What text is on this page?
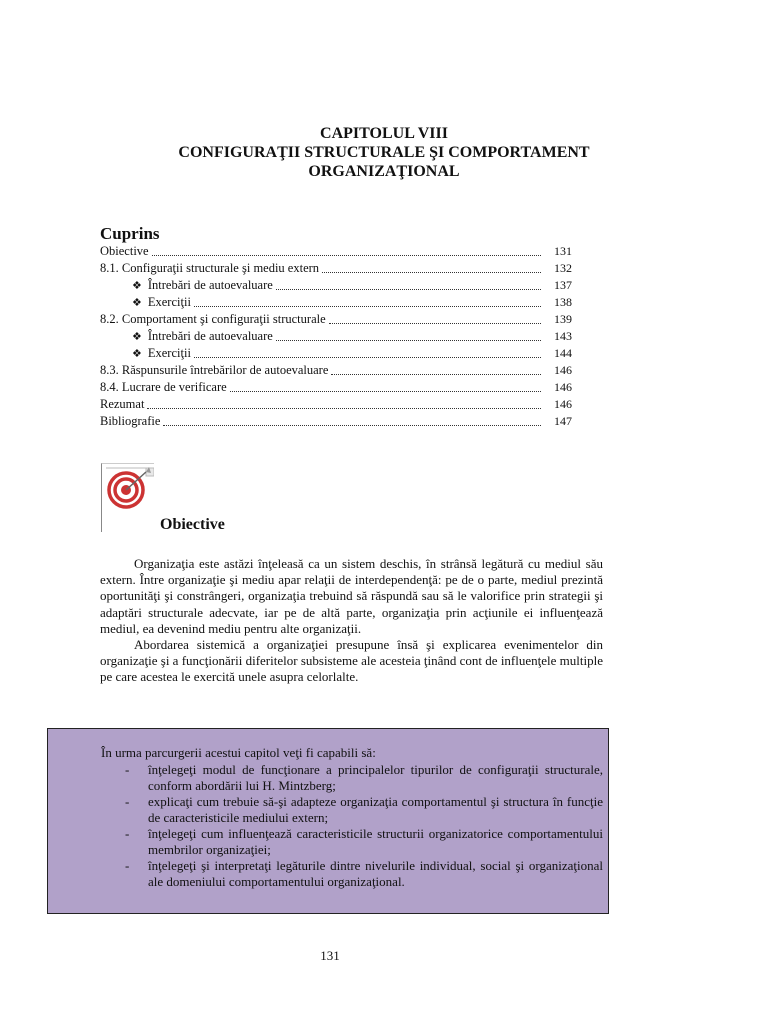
CAPITOLUL VIII
CONFIGURAŢII STRUCTURALE ŞI COMPORTAMENT
ORGANIZAŢIONAL
Cuprins
Obiective	131
8.1. Configuraţii structurale şi mediu extern	132
❖ Întrebări de autoevaluare	137
❖ Exerciţii	138
8.2. Comportament şi configuraţii structurale	139
❖ Întrebări de autoevaluare	143
❖ Exerciţii	144
8.3. Răspunsurile întrebărilor de autoevaluare	146
8.4. Lucrare de verificare	146
Rezumat	146
Bibliografie	147
Obiective

Organizaţia este astăzi înţeleasă ca un sistem deschis, în strânsă legătură cu mediul său extern. Între organizaţie şi mediu apar relaţii de interdependenţă: pe de o parte, mediul prezintă oportunităţi şi constrângeri, organizaţia trebuind să răspundă sau să le valorifice prin strategii şi adaptări structurale adecvate, iar pe de altă parte, organizaţia prin acţiunile ei influenţează mediul, ea devenind mediu pentru alte organizaţii.

Abordarea sistemică a organizaţiei presupune însă şi explicarea evenimentelor din organizaţie şi a funcţionării diferitelor subsisteme ale acesteia ţinând cont de influenţele multiple pe care acestea le exercită unele asupra celorlalte.

În urma parcurgerii acestui capitol veţi fi capabili să:
- înţelegeţi modul de funcţionare a principalelor tipurilor de configuraţii structurale, conform abordării lui H. Mintzberg;
- explicaţi cum trebuie să-şi adapteze organizaţia comportamentul şi structura în funcţie de caracteristicile mediului extern;
- înţelegeţi cum influenţează caracteristicile structurii organizatorice comportamentului membrilor organizaţiei;
- înţelegeţi şi interpretaţi legăturile dintre nivelurile individual, social şi organizaţional ale domeniului comportamentului organizaţional.
131
